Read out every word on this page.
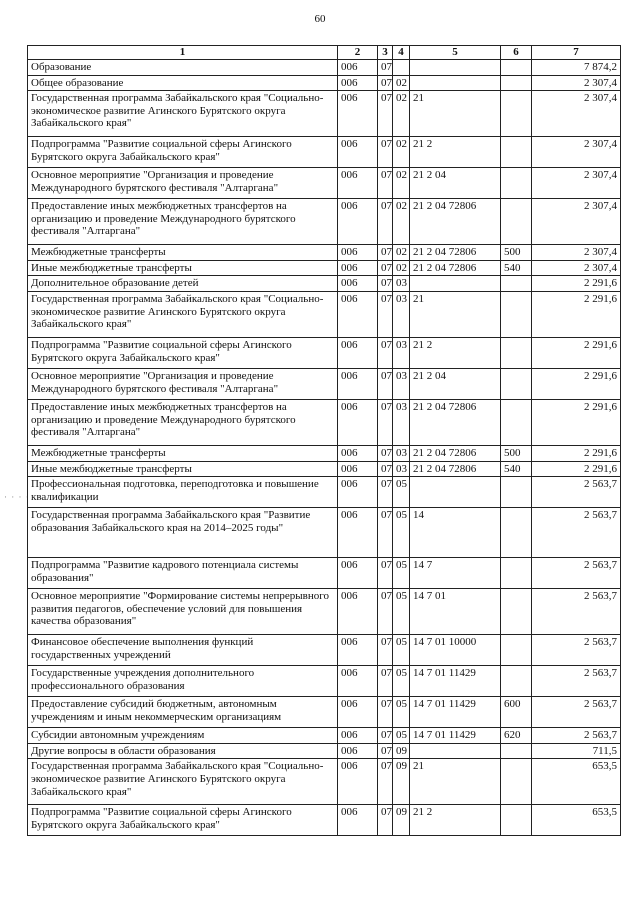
60
· · · ·
1	2	3	4	5	6	7
Образование	006	07				7 874,2
Общее образование	006	07	02			2 307,4
Государственная программа Забайкальского края "Социально-экономическое развитие Агинского Бурятского округа Забайкальского края"	006	07	02	21		2 307,4
Подпрограмма "Развитие социальной сферы Агинского Бурятского округа Забайкальского края"	006	07	02	21 2		2 307,4
Основное мероприятие "Организация и проведение Международного бурятского фестиваля "Алтаргана"	006	07	02	21 2 04		2 307,4
Предоставление иных межбюджетных трансфертов на организацию и проведение Международного бурятского фестиваля "Алтаргана"	006	07	02	21 2 04 72806		2 307,4
Межбюджетные трансферты	006	07	02	21 2 04 72806	500	2 307,4
Иные межбюджетные трансферты	006	07	02	21 2 04 72806	540	2 307,4
Дополнительное образование детей	006	07	03			2 291,6
Государственная программа Забайкальского края "Социально-экономическое развитие Агинского Бурятского округа Забайкальского края"	006	07	03	21		2 291,6
Подпрограмма "Развитие социальной сферы Агинского Бурятского округа Забайкальского края"	006	07	03	21 2		2 291,6
Основное мероприятие "Организация и проведение Международного бурятского фестиваля "Алтаргана"	006	07	03	21 2 04		2 291,6
Предоставление иных межбюджетных трансфертов на организацию и проведение Международного бурятского фестиваля "Алтаргана"	006	07	03	21 2 04 72806		2 291,6
Межбюджетные трансферты	006	07	03	21 2 04 72806	500	2 291,6
Иные межбюджетные трансферты	006	07	03	21 2 04 72806	540	2 291,6
Профессиональная подготовка, переподготовка и повышение квалификации	006	07	05			2 563,7
Государственная программа Забайкальского края "Развитие образования Забайкальского края на 2014–2025 годы"	006	07	05	14		2 563,7
Подпрограмма "Развитие кадрового потенциала системы образования"	006	07	05	14 7		2 563,7
Основное мероприятие "Формирование системы непрерывного развития педагогов, обеспечение условий для повышения качества образования"	006	07	05	14 7 01		2 563,7
Финансовое обеспечение выполнения функций государственных учреждений	006	07	05	14 7 01 10000		2 563,7
Государственные учреждения дополнительного профессионального образования	006	07	05	14 7 01 11429		2 563,7
Предоставление субсидий бюджетным, автономным учреждениям и иным некоммерческим организациям	006	07	05	14 7 01 11429	600	2 563,7
Субсидии автономным учреждениям	006	07	05	14 7 01 11429	620	2 563,7
Другие вопросы в области образования	006	07	09			711,5
Государственная программа Забайкальского края "Социально-экономическое развитие Агинского Бурятского округа Забайкальского края"	006	07	09	21		653,5
Подпрограмма "Развитие социальной сферы Агинского Бурятского округа Забайкальского края"	006	07	09	21 2		653,5
